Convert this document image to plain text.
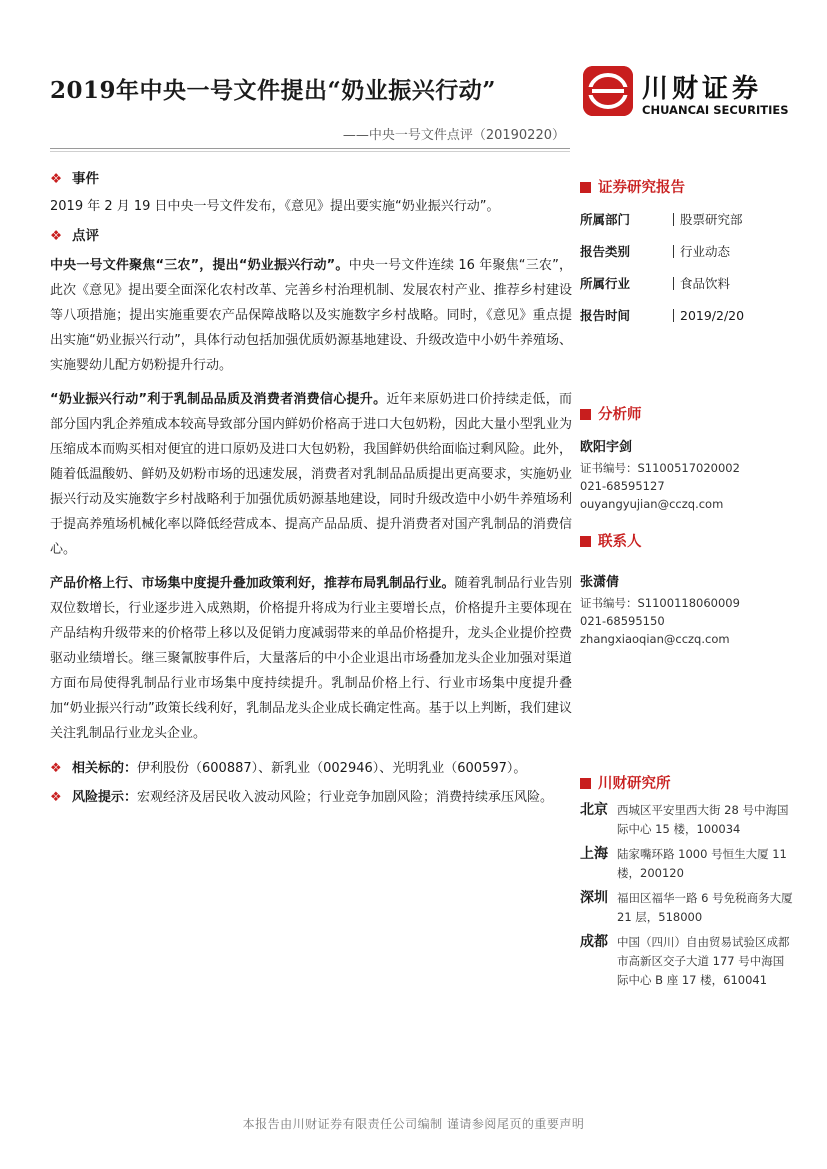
2019年中央一号文件提出“奶业振兴行动”
——中央一号文件点评（20190220）
川财证券
CHUANCAI SECURITIES
❖ 事件
2019 年 2 月 19 日中央一号文件发布，《意见》提出要实施“奶业振兴行动”。
❖ 点评
中央一号文件聚焦“三农”，提出“奶业振兴行动”。中央一号文件连续 16 年聚焦“三农”，此次《意见》提出要全面深化农村改革、完善乡村治理机制、发展农村产业、推荐乡村建设等八项措施；提出实施重要农产品保障战略以及实施数字乡村战略。同时，《意见》重点提出实施“奶业振兴行动”，具体行动包括加强优质奶源基地建设、升级改造中小奶牛养殖场、实施婴幼儿配方奶粉提升行动。
“奶业振兴行动”利于乳制品品质及消费者消费信心提升。近年来原奶进口价持续走低，而部分国内乳企养殖成本较高导致部分国内鲜奶价格高于进口大包奶粉，因此大量小型乳业为压缩成本而购买相对便宜的进口原奶及进口大包奶粉，我国鲜奶供给面临过剩风险。此外，随着低温酸奶、鲜奶及奶粉市场的迅速发展，消费者对乳制品品质提出更高要求，实施奶业振兴行动及实施数字乡村战略利于加强优质奶源基地建设，同时升级改造中小奶牛养殖场利于提高养殖场机械化率以降低经营成本、提高产品品质、提升消费者对国产乳制品的消费信心。
产品价格上行、市场集中度提升叠加政策利好，推荐布局乳制品行业。随着乳制品行业告别双位数增长，行业逐步进入成熟期，价格提升将成为行业主要增长点，价格提升主要体现在产品结构升级带来的价格带上移以及促销力度减弱带来的单品价格提升，龙头企业提价控费驱动业绩增长。继三聚氰胺事件后，大量落后的中小企业退出市场叠加龙头企业加强对渠道方面布局使得乳制品行业市场集中度持续提升。乳制品价格上行、行业市场集中度提升叠加“奶业振兴行动”政策长线利好，乳制品龙头企业成长确定性高。基于以上判断，我们建议关注乳制品行业龙头企业。
❖ 相关标的：伊利股份（600887）、新乳业（002946）、光明乳业（600597）。
❖ 风险提示：宏观经济及居民收入波动风险；行业竞争加剧风险；消费持续承压风险。
证券研究报告
所属部门	股票研究部
报告类别	行业动态
所属行业	食品饮料
报告时间	2019/2/20
分析师
欧阳宇剑
证书编号：S1100517020002
021-68595127
ouyangyujian@cczq.com
联系人
张潇倩
证书编号：S1100118060009
021-68595150
zhangxiaoqian@cczq.com
川财研究所
北京 西城区平安里西大街 28 号中海国际中心 15 楼，100034
上海 陆家嘴环路 1000 号恒生大厦 11 楼，200120
深圳 福田区福华一路 6 号免税商务大厦 21 层，518000
成都 中国（四川）自由贸易试验区成都市高新区交子大道 177 号中海国际中心 B 座 17 楼，610041
本报告由川财证券有限责任公司编制 谨请参阅尾页的重要声明
